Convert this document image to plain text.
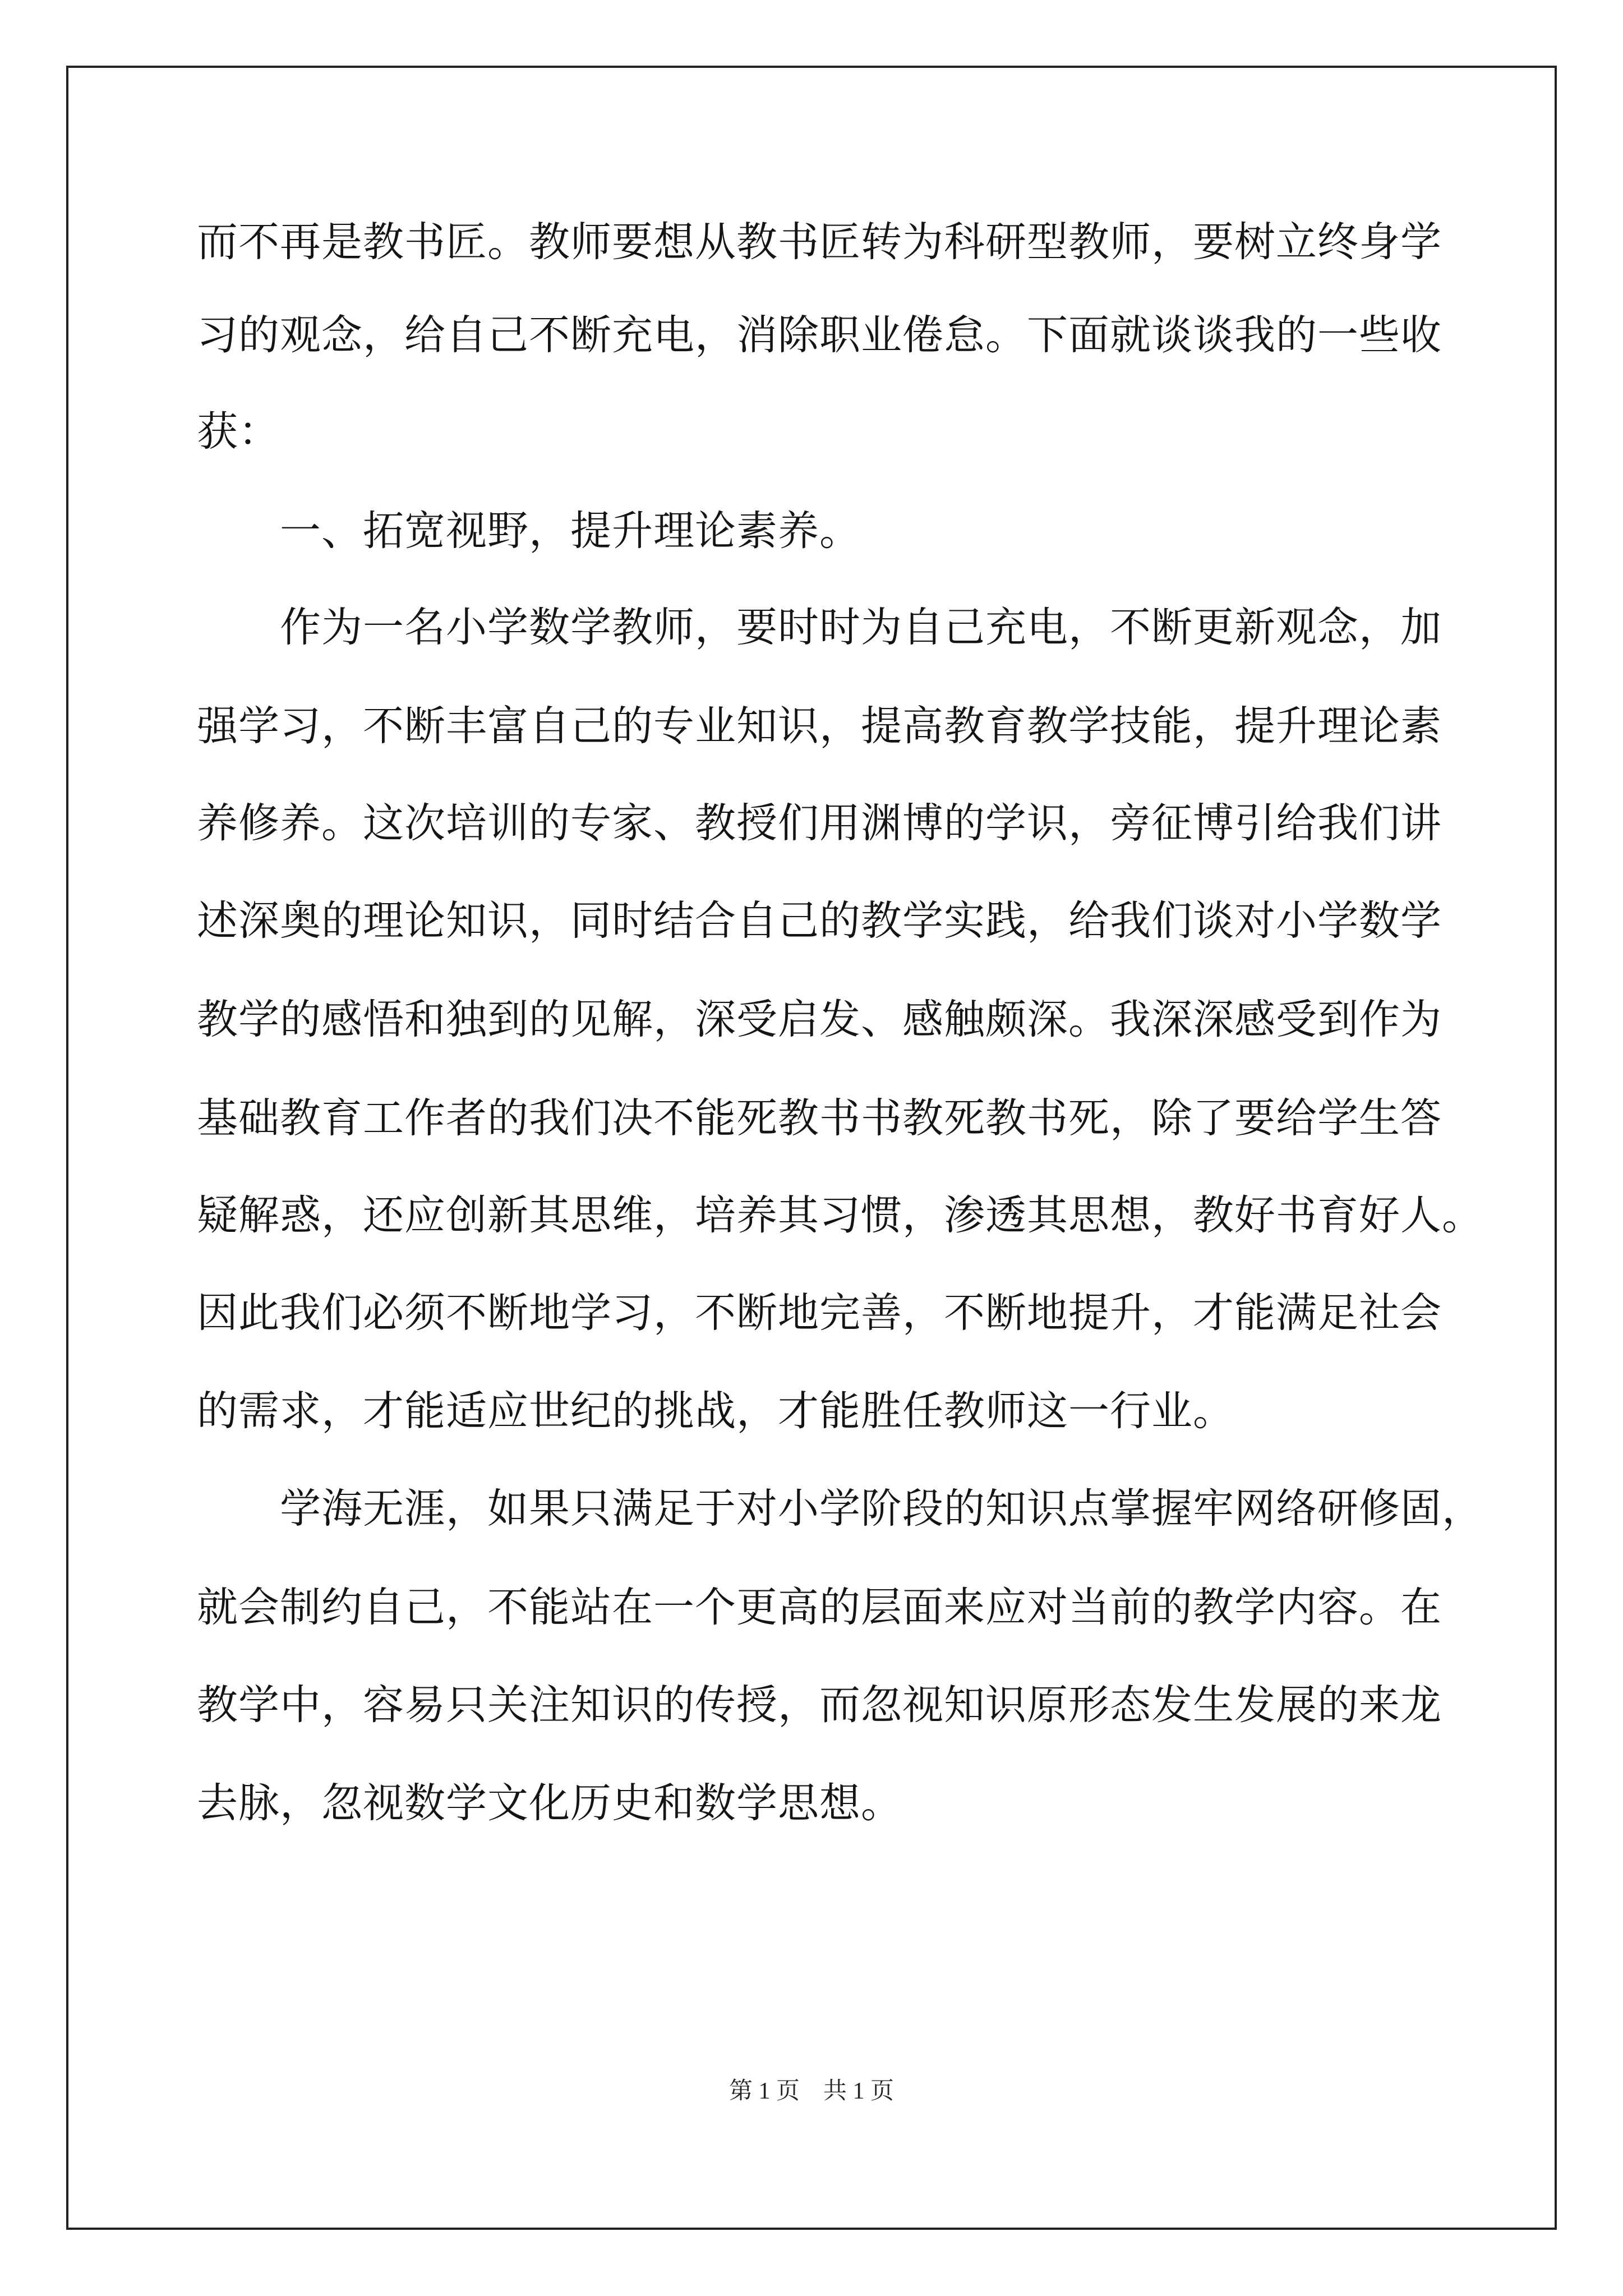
而不再是教书匠。教师要想从教书匠转为科研型教师，要树立终身学
习的观念，给自己不断充电，消除职业倦怠。下面就谈谈我的一些收
获：
　　一、拓宽视野，提升理论素养。
　　作为一名小学数学教师，要时时为自己充电，不断更新观念，加
强学习，不断丰富自己的专业知识，提高教育教学技能，提升理论素
养修养。这次培训的专家、教授们用渊博的学识，旁征博引给我们讲
述深奥的理论知识，同时结合自己的教学实践，给我们谈对小学数学
教学的感悟和独到的见解，深受启发、感触颇深。我深深感受到作为
基础教育工作者的我们决不能死教书书教死教书死，除了要给学生答
疑解惑，还应创新其思维，培养其习惯，渗透其思想，教好书育好人。
因此我们必须不断地学习，不断地完善，不断地提升，才能满足社会
的需求，才能适应世纪的挑战，才能胜任教师这一行业。
　　学海无涯，如果只满足于对小学阶段的知识点掌握牢网络研修固，
就会制约自己，不能站在一个更高的层面来应对当前的教学内容。在
教学中，容易只关注知识的传授，而忽视知识原形态发生发展的来龙
去脉，忽视数学文化历史和数学思想。
第 1 页　共 1 页
